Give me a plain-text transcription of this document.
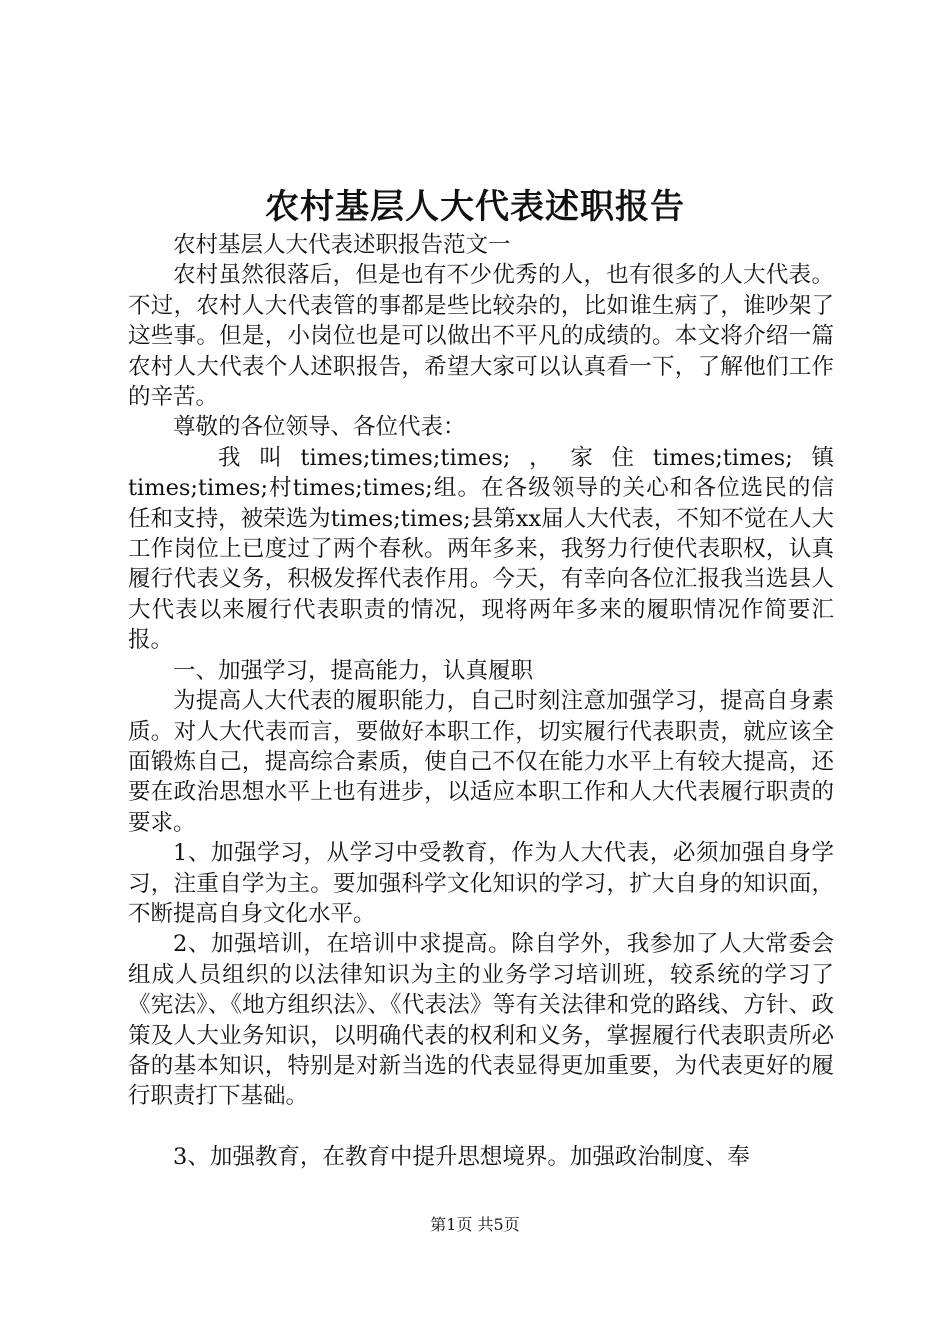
农村基层人大代表述职报告

农村基层人大代表述职报告范文一

农村虽然很落后，但是也有不少优秀的人，也有很多的人大代表。不过，农村人大代表管的事都是些比较杂的，比如谁生病了，谁吵架了这些事。但是，小岗位也是可以做出不平凡的成绩的。本文将介绍一篇农村人大代表个人述职报告，希望大家可以认真看一下，了解他们工作的辛苦。

尊敬的各位领导、各位代表：

我叫times;times;times;，家住times;times;镇times;times;村times;times;组。在各级领导的关心和各位选民的信任和支持，被荣选为times;times;县第xx届人大代表，不知不觉在人大工作岗位上已度过了两个春秋。两年多来，我努力行使代表职权，认真履行代表义务，积极发挥代表作用。今天，有幸向各位汇报我当选县人大代表以来履行代表职责的情况，现将两年多来的履职情况作简要汇报。

一、加强学习，提高能力，认真履职

为提高人大代表的履职能力，自己时刻注意加强学习，提高自身素质。对人大代表而言，要做好本职工作，切实履行代表职责，就应该全面锻炼自己，提高综合素质，使自己不仅在能力水平上有较大提高，还要在政治思想水平上也有进步，以适应本职工作和人大代表履行职责的要求。

1、加强学习，从学习中受教育，作为人大代表，必须加强自身学习，注重自学为主。要加强科学文化知识的学习，扩大自身的知识面，不断提高自身文化水平。

2、加强培训，在培训中求提高。除自学外，我参加了人大常委会组成人员组织的以法律知识为主的业务学习培训班，较系统的学习了《宪法》、《地方组织法》、《代表法》等有关法律和党的路线、方针、政策及人大业务知识，以明确代表的权利和义务，掌握履行代表职责所必备的基本知识，特别是对新当选的代表显得更加重要，为代表更好的履行职责打下基础。

3、加强教育，在教育中提升思想境界。加强政治制度、奉

第1页 共5页
